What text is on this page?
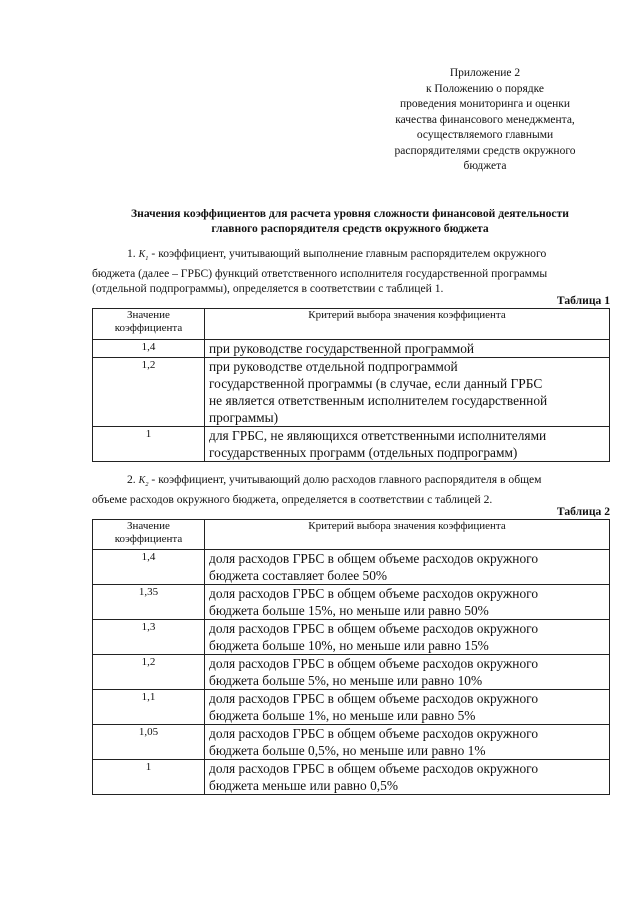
Приложение 2
к Положению о порядке
проведения мониторинга и оценки
качества финансового менеджмента,
осуществляемого главными
распорядителями средств окружного
бюджета
Значения коэффициентов для расчета уровня сложности финансовой деятельности
главного распорядителя средств окружного бюджета
1. $K_1$ - коэффициент, учитывающий выполнение главным распорядителем окружного
бюджета (далее – ГРБС) функций ответственного исполнителя государственной программы
(отдельной подпрограммы), определяется в соответствии с таблицей 1.
Таблица 1
Значение
коэффициента	Критерий выбора значения коэффициента
1,4	при руководстве государственной программой

1,2	при руководстве отдельной подпрограммой
государственной программы (в случае, если данный ГРБС
не является ответственным исполнителем государственной
программы)

1	для ГРБС, не являющихся ответственными исполнителями
государственных программ (отдельных подпрограмм)
2. $K_2$ - коэффициент, учитывающий долю расходов главного распорядителя в общем
объеме расходов окружного бюджета, определяется в соответствии с таблицей 2.
Таблица 2
Значение
коэффициента	Критерий выбора значения коэффициента
1,4	доля расходов ГРБС в общем объеме расходов окружного
бюджета составляет более 50%

1,35	доля расходов ГРБС в общем объеме расходов окружного
бюджета больше 15%, но меньше или равно 50%

1,3	доля расходов ГРБС в общем объеме расходов окружного
бюджета больше 10%, но меньше или равно 15%

1,2	доля расходов ГРБС в общем объеме расходов окружного
бюджета больше 5%, но меньше или равно 10%

1,1	доля расходов ГРБС в общем объеме расходов окружного
бюджета больше 1%, но меньше или равно 5%

1,05	доля расходов ГРБС в общем объеме расходов окружного
бюджета больше 0,5%, но меньше или равно 1%

1	доля расходов ГРБС в общем объеме расходов окружного
бюджета меньше или равно 0,5%
